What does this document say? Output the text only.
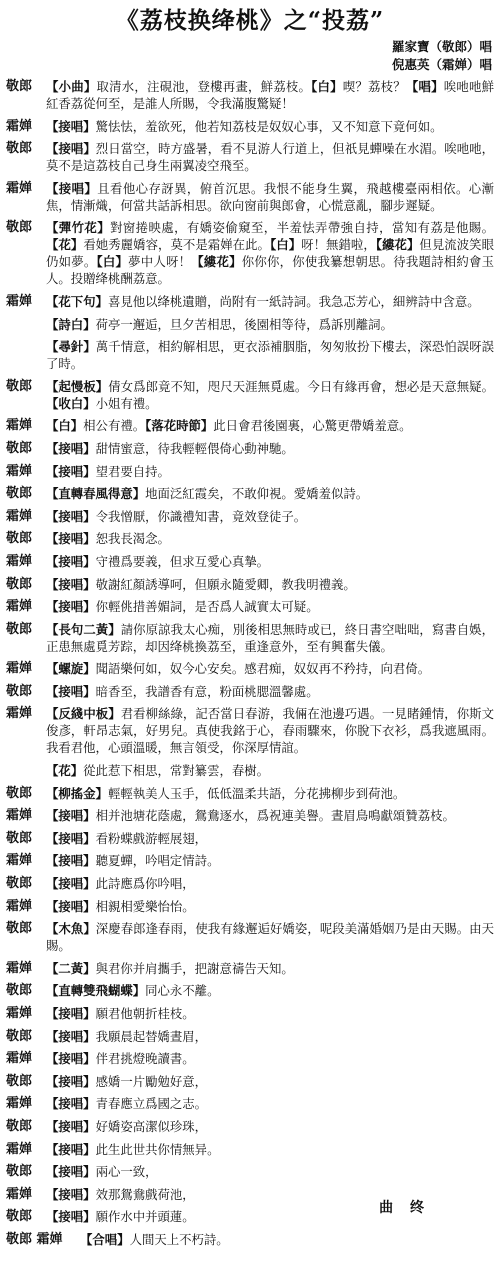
《荔枝换绛桃》之“投荔”
羅家寶（敬郎）唱
倪惠英（霜婵）唱
敬郎	【小曲】取清水，注硯池，登樓再畫，鮮荔枝。【白】喫？荔枝？【唱】唉吔吔鮮紅香荔從何至，是誰人所賜，令我滿腹驚疑！
霜婵	【接唱】驚怯怯，羞欲死，他若知荔枝是奴奴心事，又不知意下竟何如。
敬郎	【接唱】烈日當空，時方盛暑，看不見游人行道上，但祇見蟬噪在水湄。唉吔吔，莫不是這荔枝自己身生兩翼凌空飛至。
霜婵	【接唱】且看他心存訝異，俯首沉思。我恨不能身生翼，飛越樓臺兩相依。心漸焦，情漸熾，何當共話訴相思。欲向窗前與郎會，心慌意亂，腳步遲疑。
敬郎	【彈竹花】對窗捲映處，有嬌姿偷窺至，半羞怯弄帶強自持，當知有荔是他賜。【花】看她秀麗嬌容，莫不是霜婵在此。【白】呀！無錯啦，【縷花】但見流波笑眼仍如夢。【白】夢中人呀！【縷花】你你你，你使我纂想朝思。待我題詩相約會玉人。投贈绛桃酬荔意。
霜婵	【花下句】喜見他以绛桃遺贈，尚附有一紙詩詞。我急忑芳心，細辨詩中含意。
【詩白】荷亭一邂逅，旦夕苦相思，後園相等待，爲訴別離詞。
【尋針】萬千情意，相約解相思，更衣添補胭脂，匆匆妝扮下樓去，深恐怕誤呀誤了時。
敬郎	【起慢板】倩女爲郎竟不知，咫尺天涯無覓處。今日有緣再會，想必是天意無疑。【收白】小姐有禮。
霜婵	【白】相公有禮。【落花時節】此日會君後園裏，心驚更帶嬌羞意。
敬郎	【接唱】甜情蜜意，待我輕輕偎倚心動神馳。
霜婵	【接唱】望君要自持。
敬郎	【直轉春風得意】地面泛紅霞矣，不敢仰視。愛嬌羞似詩。
霜婵	【接唱】令我憎厭，你識禮知書，竟效登徒子。
敬郎	【接唱】恕我長渴念。
霜婵	【接唱】守禮爲要義，但求互愛心真摯。
敬郎	【接唱】敬謝紅顏誘導呵，但願永隨愛卿，教我明禮義。
霜婵	【接唱】你輕佻措善媚詞，是否爲人誠實太可疑。
敬郎	【長句二黃】請你原諒我太心痴，別後相思無時或已，終日書空咄咄，寫書自娛，正患無處覓芳踪，却因绛桃換荔至，重逢意外，至有興奮失儀。
霜婵	【螺旋】聞語樂何如，奴今心安矣。感君痴，奴奴再不矜持，向君倚。
敬郎	【接唱】暗香至，我譜香有意，粉面桃腮溫馨處。
霜婵	【反綫中板】君看柳絲綠，記否當日春游，我倆在池邊巧遇。一見睹鍾情，你斯文俊彥，軒昂志氣，好男兒。真使我銘于心，春雨驟來，你脫下衣衫，爲我遮風雨。我看君他，心頭溫暖，無言領受，你深厚情誼。
【花】從此惹下相思，常對纂雲，春樹。
敬郎	【柳搖金】輕輕執美人玉手，低低溫柔共語，分花拂柳步到荷池。
霜婵	【接唱】相并池塘花蔭處，鴛鴦逐水，爲祝連美譽。晝眉鳥鳴獻頌贊荔枝。
敬郎	【接唱】看粉蝶戲游輕展翅，
霜婵	【接唱】聽夏蟬，吟唱定情詩。
敬郎	【接唱】此詩應爲你吟唱，
霜婵	【接唱】相親相愛樂怡怡。
敬郎	【木魚】深慶春郎逢春雨，使我有緣邂逅好嬌姿，呢段美滿婚姻乃是由天賜。由天賜。
霜婵	【二黃】與君你并肩攜手，把謝意禱告天知。
敬郎	【直轉雙飛蝴蝶】同心永不離。
霜婵	【接唱】願君他朝折桂枝。
敬郎	【接唱】我願晨起替嬌晝眉，
霜婵	【接唱】伴君挑燈晚讀書。
敬郎	【接唱】感嬌一片勵勉好意，
霜婵	【接唱】青春應立爲國之志。
敬郎	【接唱】好嬌姿高潔似珍珠，
霜婵	【接唱】此生此世共你情無异。
敬郎	【接唱】兩心一致，
霜婵	【接唱】效那鴛鴦戲荷池，
敬郎	【接唱】願作水中并頭蓮。
敬郎 霜婵	【合唱】人間天上不朽詩。
曲 终
